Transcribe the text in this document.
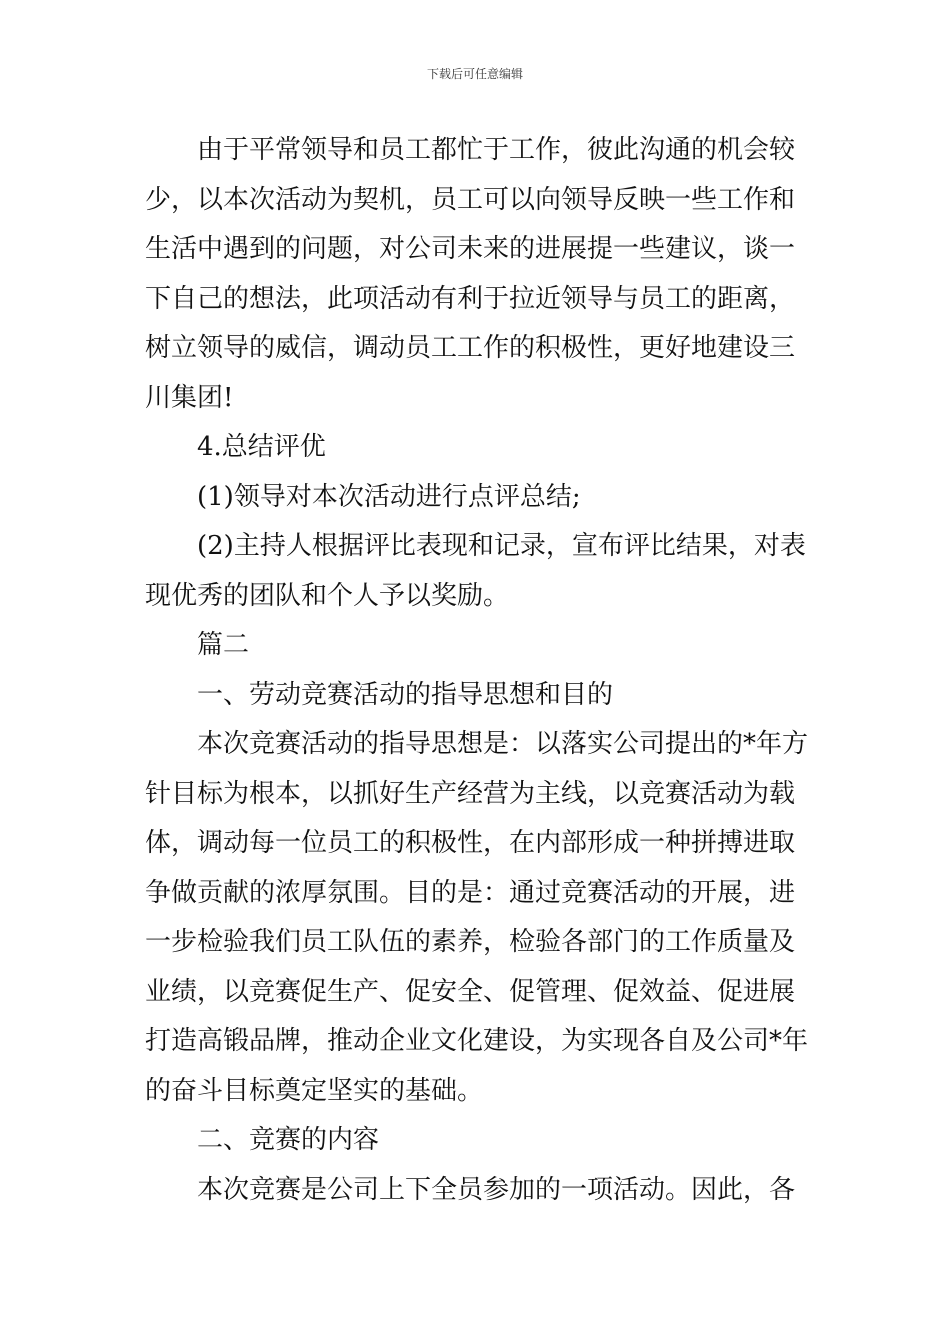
下载后可任意编辑
由于平常领导和员工都忙于工作，彼此沟通的机会较
少，以本次活动为契机，员工可以向领导反映一些工作和
生活中遇到的问题，对公司未来的进展提一些建议，谈一
下自己的想法，此项活动有利于拉近领导与员工的距离，
树立领导的威信，调动员工工作的积极性，更好地建设三
川集团!
4.总结评优
(1)领导对本次活动进行点评总结;
(2)主持人根据评比表现和记录，宣布评比结果，对表
现优秀的团队和个人予以奖励。
篇二
一、劳动竞赛活动的指导思想和目的
本次竞赛活动的指导思想是：以落实公司提出的*年方
针目标为根本，以抓好生产经营为主线，以竞赛活动为载
体，调动每一位员工的积极性，在内部形成一种拼搏进取
争做贡献的浓厚氛围。目的是：通过竞赛活动的开展，进
一步检验我们员工队伍的素养，检验各部门的工作质量及
业绩，以竞赛促生产、促安全、促管理、促效益、促进展
打造高锻品牌，推动企业文化建设，为实现各自及公司*年
的奋斗目标奠定坚实的基础。
二、竞赛的内容
本次竞赛是公司上下全员参加的一项活动。因此，各
